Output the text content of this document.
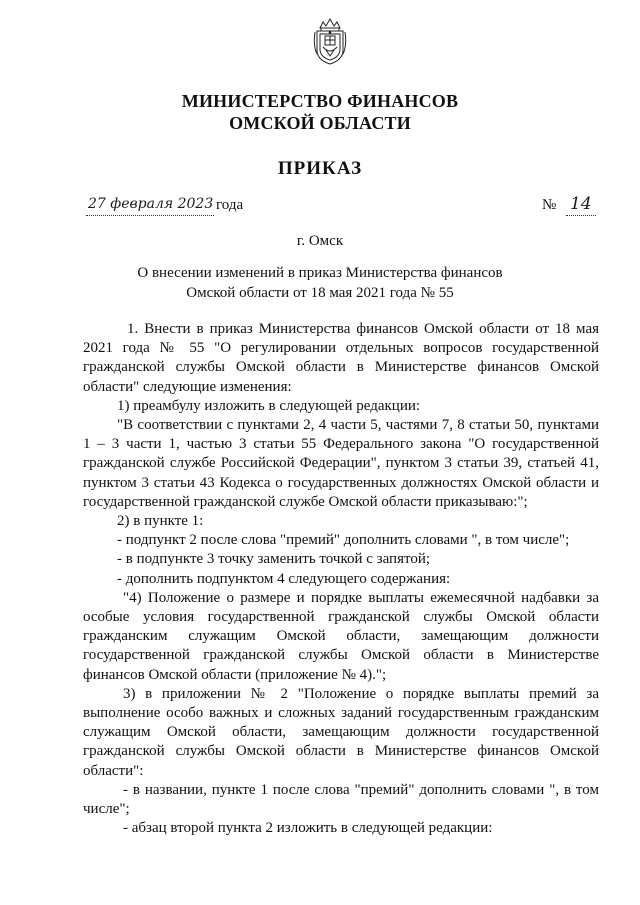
МИНИСТЕРСТВО ФИНАНСОВ
ОМСКОЙ ОБЛАСТИ
ПРИКАЗ
27 февраля 2023 года	№ 14
г. Омск
О внесении изменений в приказ Министерства финансов
Омской области от 18 мая 2021 года № 55

1. Внести в приказ Министерства финансов Омской области от 18 мая 2021 года № 55 "О регулировании отдельных вопросов государственной гражданской службы Омской области в Министерстве финансов Омской области" следующие изменения:

1) преамбулу изложить в следующей редакции:

"В соответствии с пунктами 2, 4 части 5, частями 7, 8 статьи 50, пунктами 1 – 3 части 1, частью 3 статьи 55 Федерального закона "О государственной гражданской службе Российской Федерации", пунктом 3 статьи 39, статьей 41, пунктом 3 статьи 43 Кодекса о государственных должностях Омской области и государственной гражданской службе Омской области приказываю:";

2) в пункте 1:

- подпункт 2 после слова "премий" дополнить словами ", в том числе";

- в подпункте 3 точку заменить точкой с запятой;

- дополнить подпунктом 4 следующего содержания:

"4) Положение о размере и порядке выплаты ежемесячной надбавки за особые условия государственной гражданской службы Омской области гражданским служащим Омской области, замещающим должности государственной гражданской службы Омской области в Министерстве финансов Омской области (приложение № 4).";

3) в приложении № 2 "Положение о порядке выплаты премий за выполнение особо важных и сложных заданий государственным гражданским служащим Омской области, замещающим должности государственной гражданской службы Омской области в Министерстве финансов Омской области":

- в названии, пункте 1 после слова "премий" дополнить словами ", в том числе";

- абзац второй пункта 2 изложить в следующей редакции:
